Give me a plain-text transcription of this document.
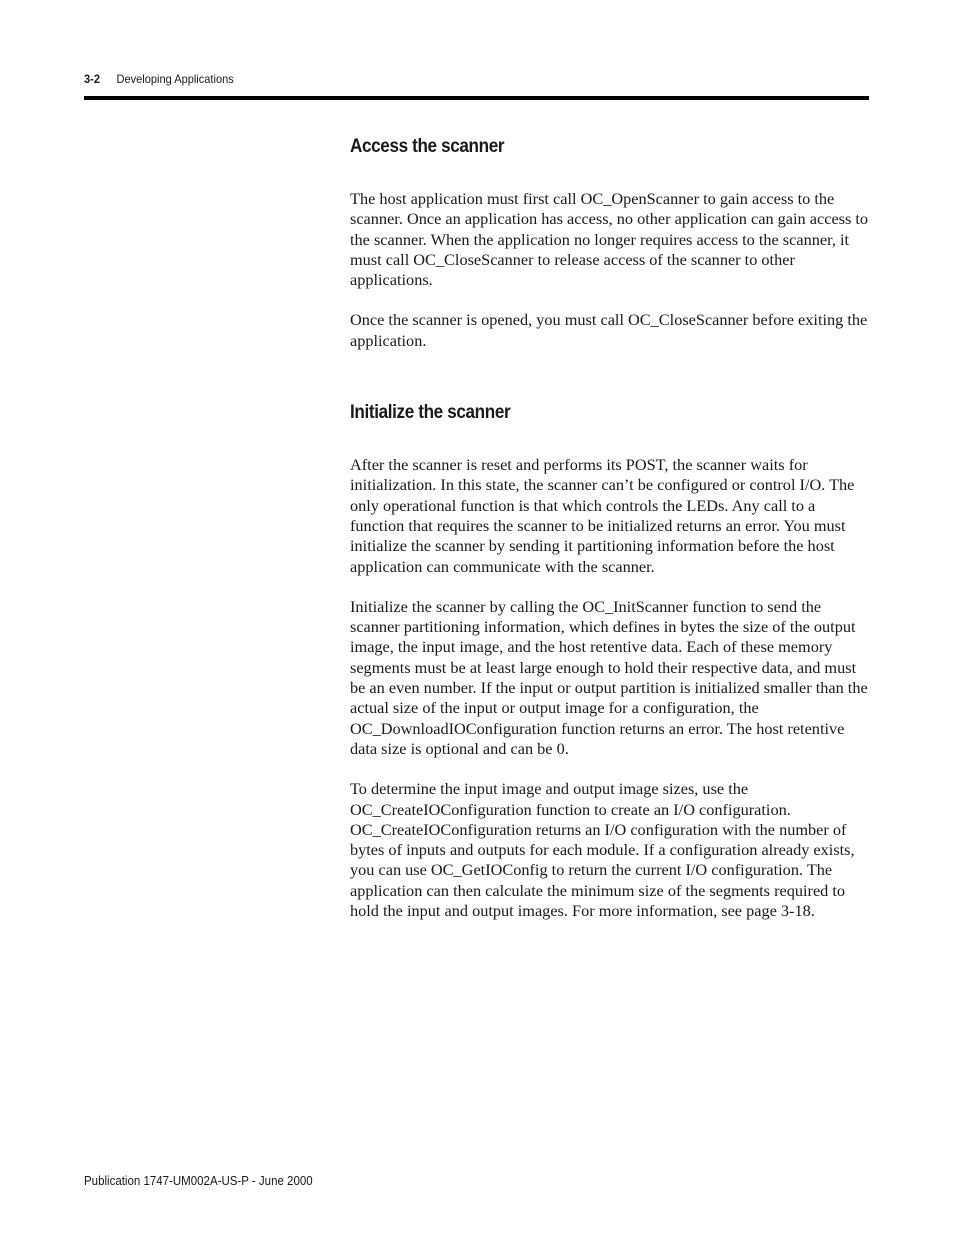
3-2 Developing Applications
Access the scanner

The host application must first call OC_OpenScanner to gain access to the scanner. Once an application has access, no other application can gain access to the scanner. When the application no longer requires access to the scanner, it must call OC_CloseScanner to release access of the scanner to other applications.

Once the scanner is opened, you must call OC_CloseScanner before exiting the application.

Initialize the scanner

After the scanner is reset and performs its POST, the scanner waits for initialization. In this state, the scanner can’t be configured or control I/O. The only operational function is that which controls the LEDs. Any call to a function that requires the scanner to be initialized returns an error. You must initialize the scanner by sending it partitioning information before the host application can communicate with the scanner.

Initialize the scanner by calling the OC_InitScanner function to send the scanner partitioning information, which defines in bytes the size of the output image, the input image, and the host retentive data. Each of these memory segments must be at least large enough to hold their respective data, and must be an even number. If the input or output partition is initialized smaller than the actual size of the input or output image for a configuration, the OC_DownloadIOConfiguration function returns an error. The host retentive data size is optional and can be 0.

To determine the input image and output image sizes, use the OC_CreateIOConfiguration function to create an I/O configuration. OC_CreateIOConfiguration returns an I/O configuration with the number of bytes of inputs and outputs for each module. If a configuration already exists, you can use OC_GetIOConfig to return the current I/O configuration. The application can then calculate the minimum size of the segments required to hold the input and output images. For more information, see page 3-18.

Publication 1747-UM002A-US-P - June 2000
